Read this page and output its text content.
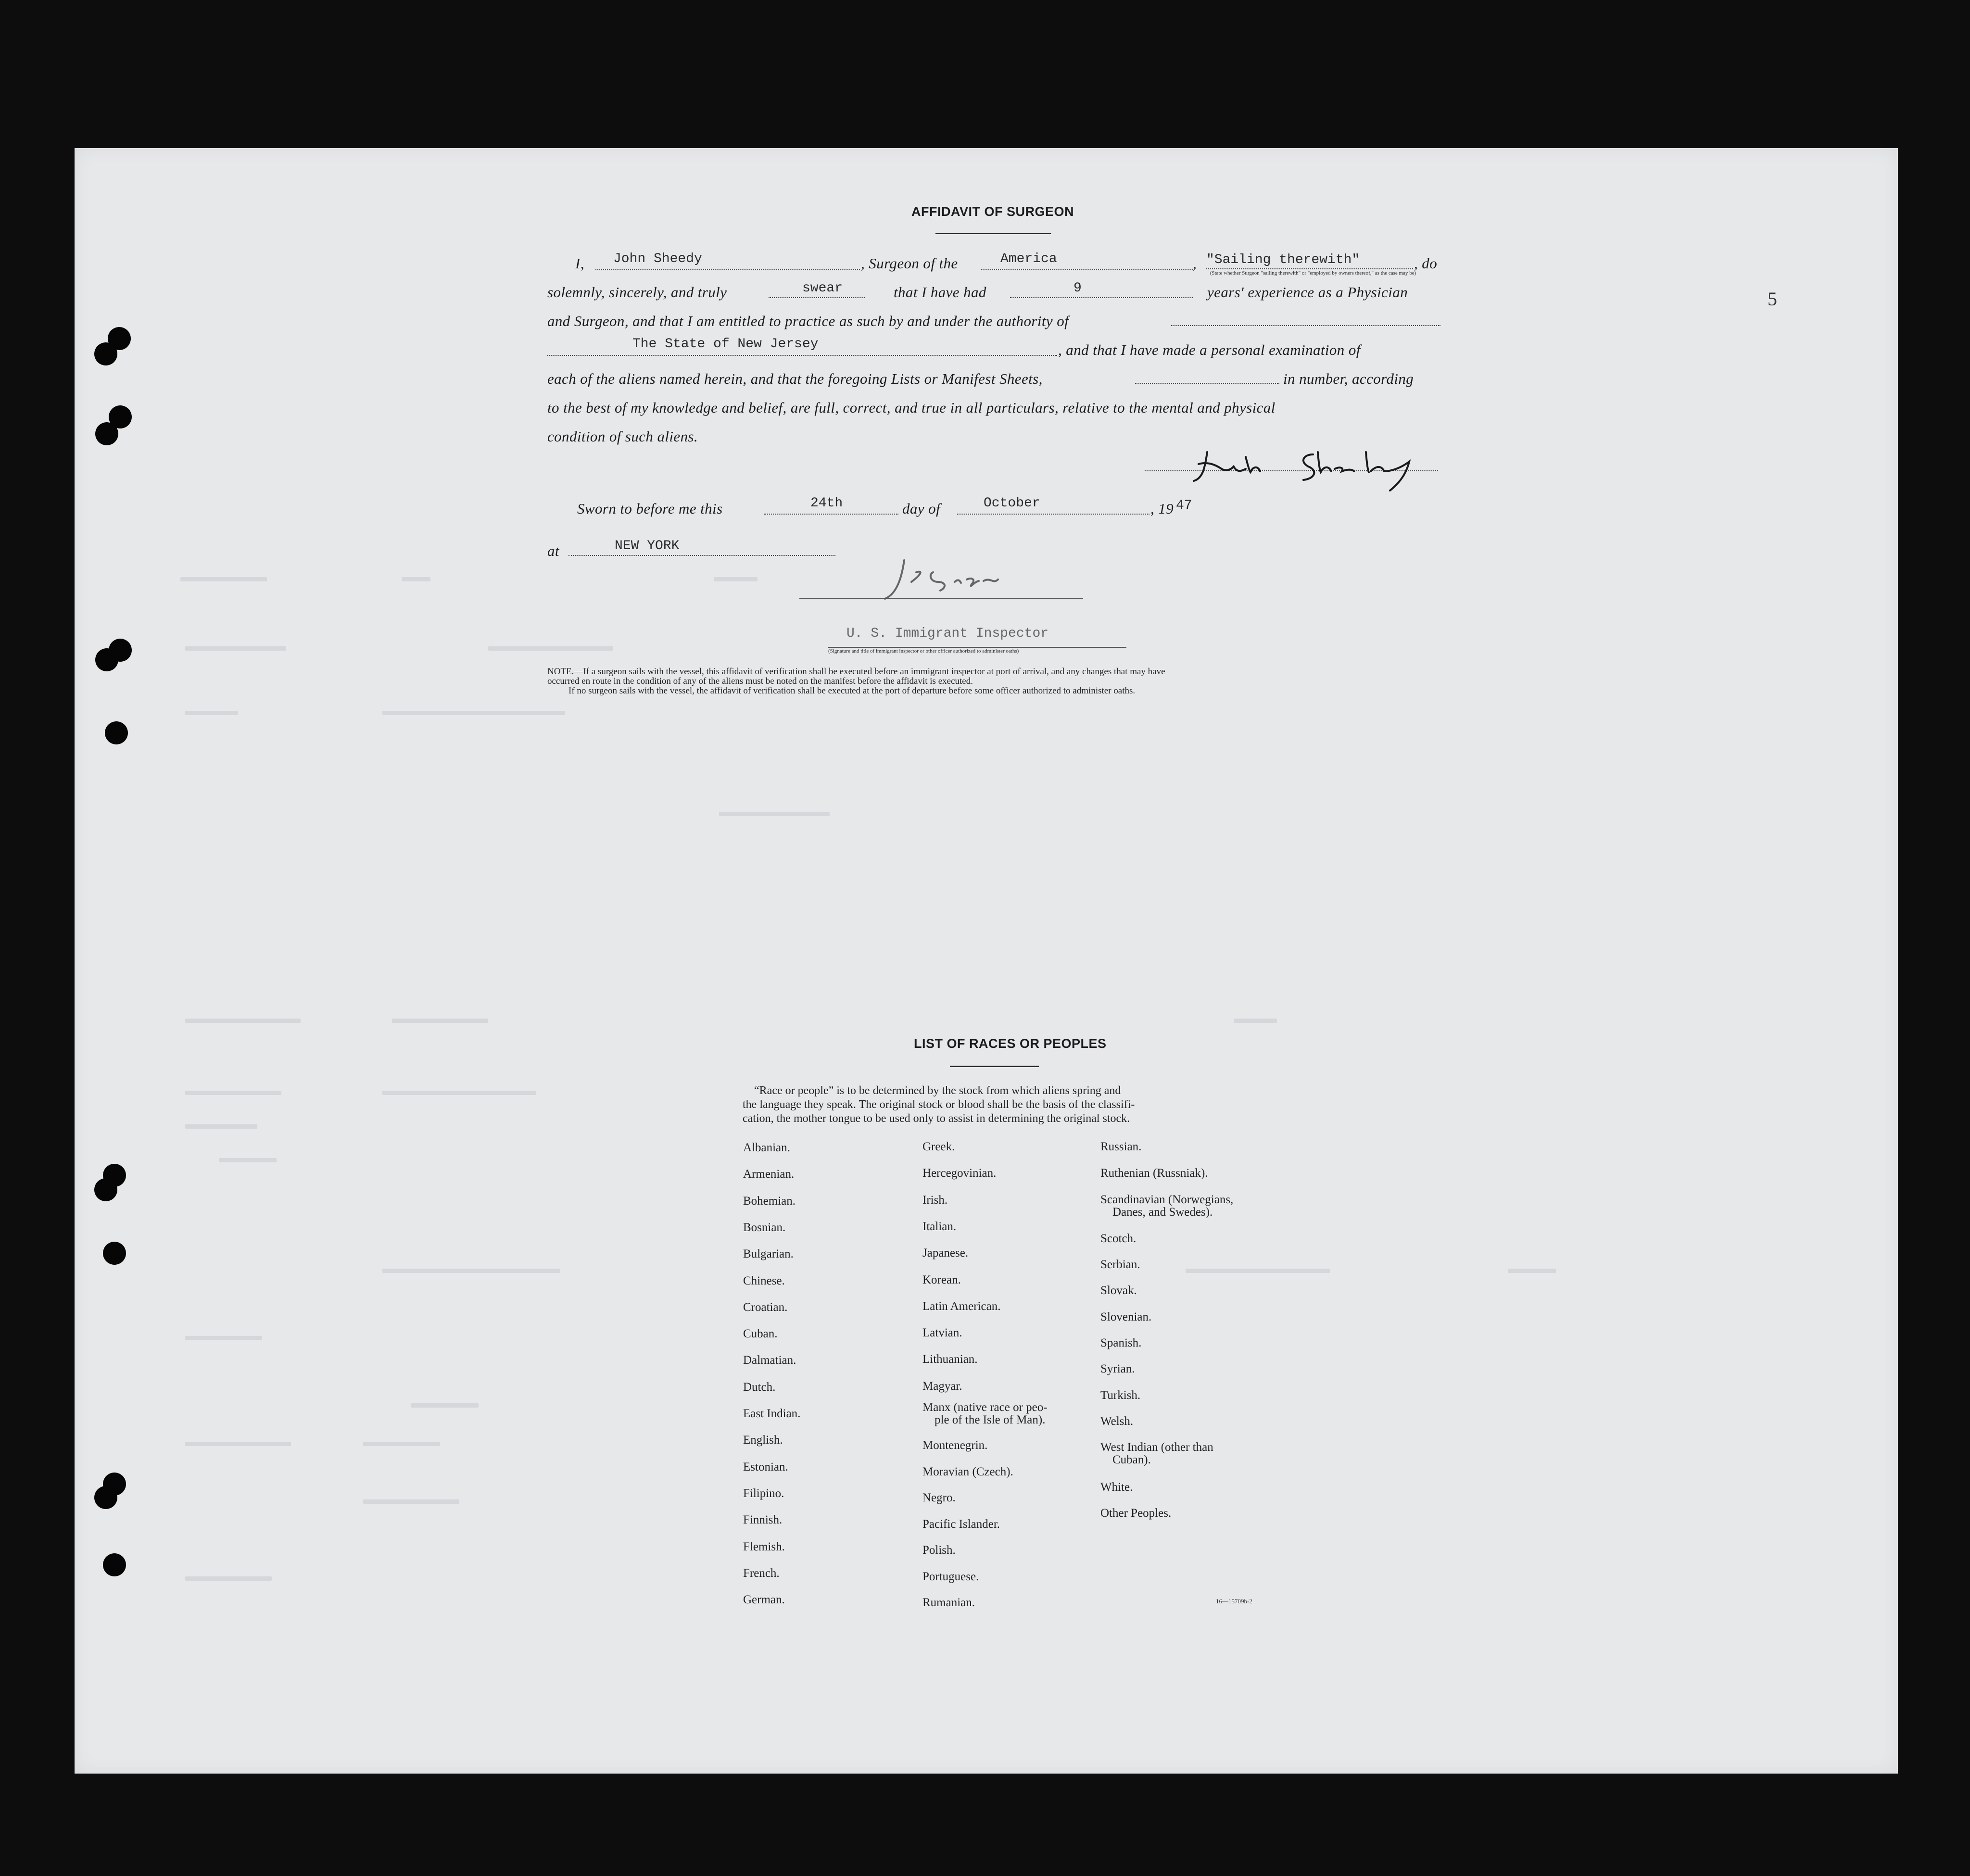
5
AFFIDAVIT OF SURGEON
I, John Sheedy	, Surgeon of the	America	, "Sailing therewith"
(State whether Surgeon "sailing therewith" or "employed by owners thereof," as the case may be)
, do
solemnly, sincerely, and truly	swear	that I have had	9	years' experience as a Physician
and Surgeon, and that I am entitled to practice as such by and under the authority of
The State of New Jersey	, and that I have made a personal examination of
each of the aliens named herein, and that the foregoing Lists or Manifest Sheets,	in number, according
to the best of my knowledge and belief, are full, correct, and true in all particulars, relative to the mental and physical
condition of such aliens.
Sworn to before me this	24th	day of	October	, 19 47
at	NEW YORK
U. S. Immigrant Inspector
(Signature and title of immigrant inspector or other officer authorized to administer oaths)
NOTE.—If a surgeon sails with the vessel, this affidavit of verification shall be executed before an immigrant inspector at port of arrival, and any changes that may have
occurred en route in the condition of any of the aliens must be noted on the manifest before the affidavit is executed.
If no surgeon sails with the vessel, the affidavit of verification shall be executed at the port of departure before some officer authorized to administer oaths.
LIST OF RACES OR PEOPLES
“Race or people” is to be determined by the stock from which aliens spring and
the language they speak. The original stock or blood shall be the basis of the classifi-
cation, the mother tongue to be used only to assist in determining the original stock.
Albanian.
Armenian.
Bohemian.
Bosnian.
Bulgarian.
Chinese.
Croatian.
Cuban.
Dalmatian.
Dutch.
East Indian.
English.
Estonian.
Filipino.
Finnish.
Flemish.
French.
German.
Greek.
Hercegovinian.
Irish.
Italian.
Japanese.
Korean.
Latin American.
Latvian.
Lithuanian.
Magyar.
Manx (native race or peo-
ple of the Isle of Man).
Montenegrin.
Moravian (Czech).
Negro.
Pacific Islander.
Polish.
Portuguese.
Rumanian.
Russian.
Ruthenian (Russniak).
Scandinavian (Norwegians,
Danes, and Swedes).
Scotch.
Serbian.
Slovak.
Slovenian.
Spanish.
Syrian.
Turkish.
Welsh.
West Indian (other than
Cuban).
White.
Other Peoples.
16—15709b-2
